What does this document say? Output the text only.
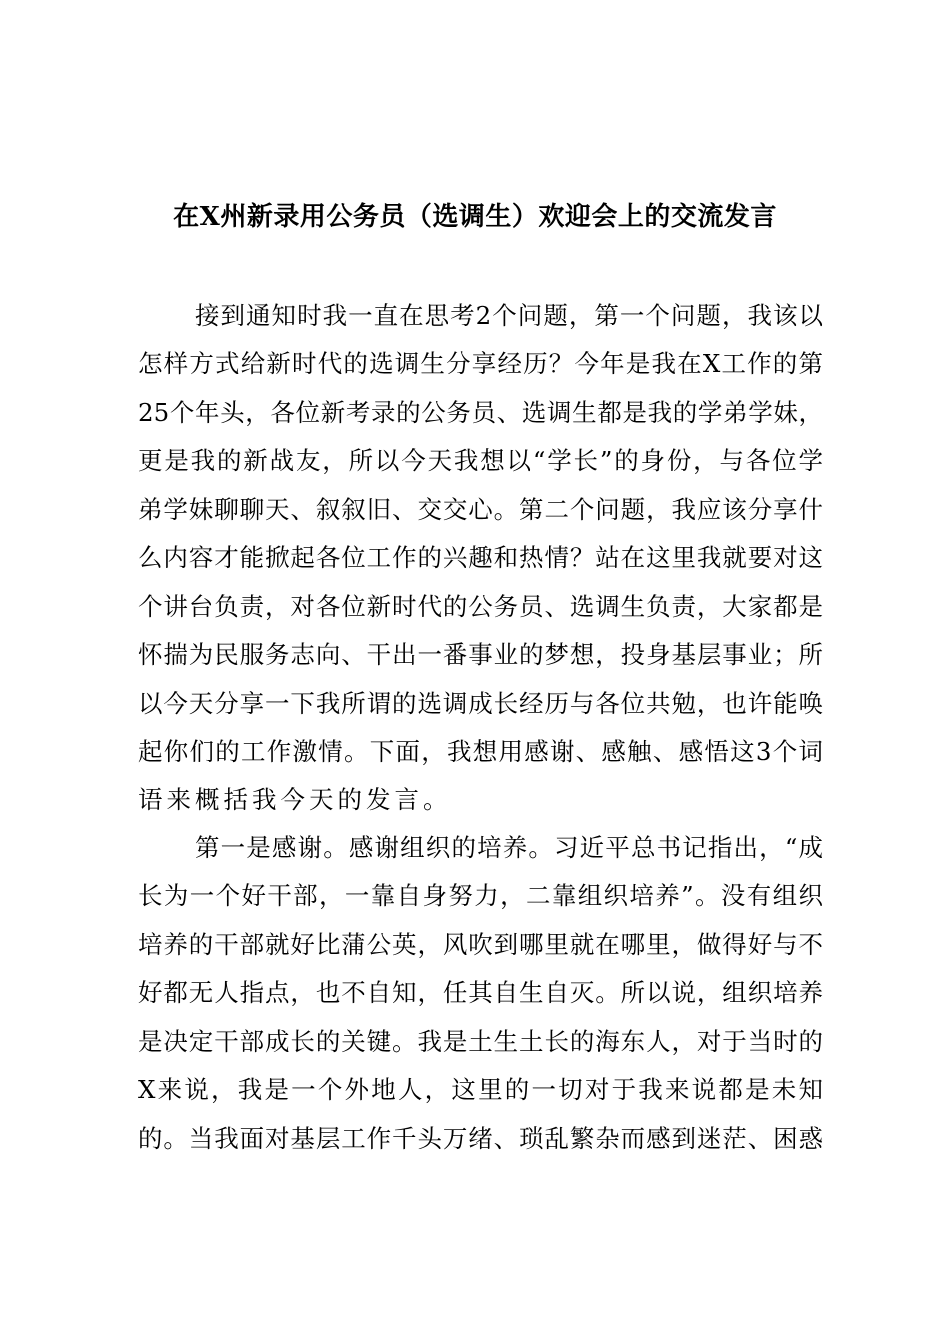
在X州新录用公务员（选调生）欢迎会上的交流发言
接到通知时我一直在思考2个问题，第一个问题，我该以
怎样方式给新时代的选调生分享经历？今年是我在X工作的第
25个年头，各位新考录的公务员、选调生都是我的学弟学妹，
更是我的新战友，所以今天我想以“学长”的身份，与各位学
弟学妹聊聊天、叙叙旧、交交心。第二个问题，我应该分享什
么内容才能掀起各位工作的兴趣和热情？站在这里我就要对这
个讲台负责，对各位新时代的公务员、选调生负责，大家都是
怀揣为民服务志向、干出一番事业的梦想，投身基层事业；所
以今天分享一下我所谓的选调成长经历与各位共勉，也许能唤
起你们的工作激情。下面，我想用感谢、感触、感悟这3个词
语来概括我今天的发言。
第一是感谢。感谢组织的培养。习近平总书记指出，“成
长为一个好干部，一靠自身努力，二靠组织培养”。没有组织
培养的干部就好比蒲公英，风吹到哪里就在哪里，做得好与不
好都无人指点，也不自知，任其自生自灭。所以说，组织培养
是决定干部成长的关键。我是土生土长的海东人，对于当时的
X来说，我是一个外地人，这里的一切对于我来说都是未知
的。当我面对基层工作千头万绪、琐乱繁杂而感到迷茫、困惑
